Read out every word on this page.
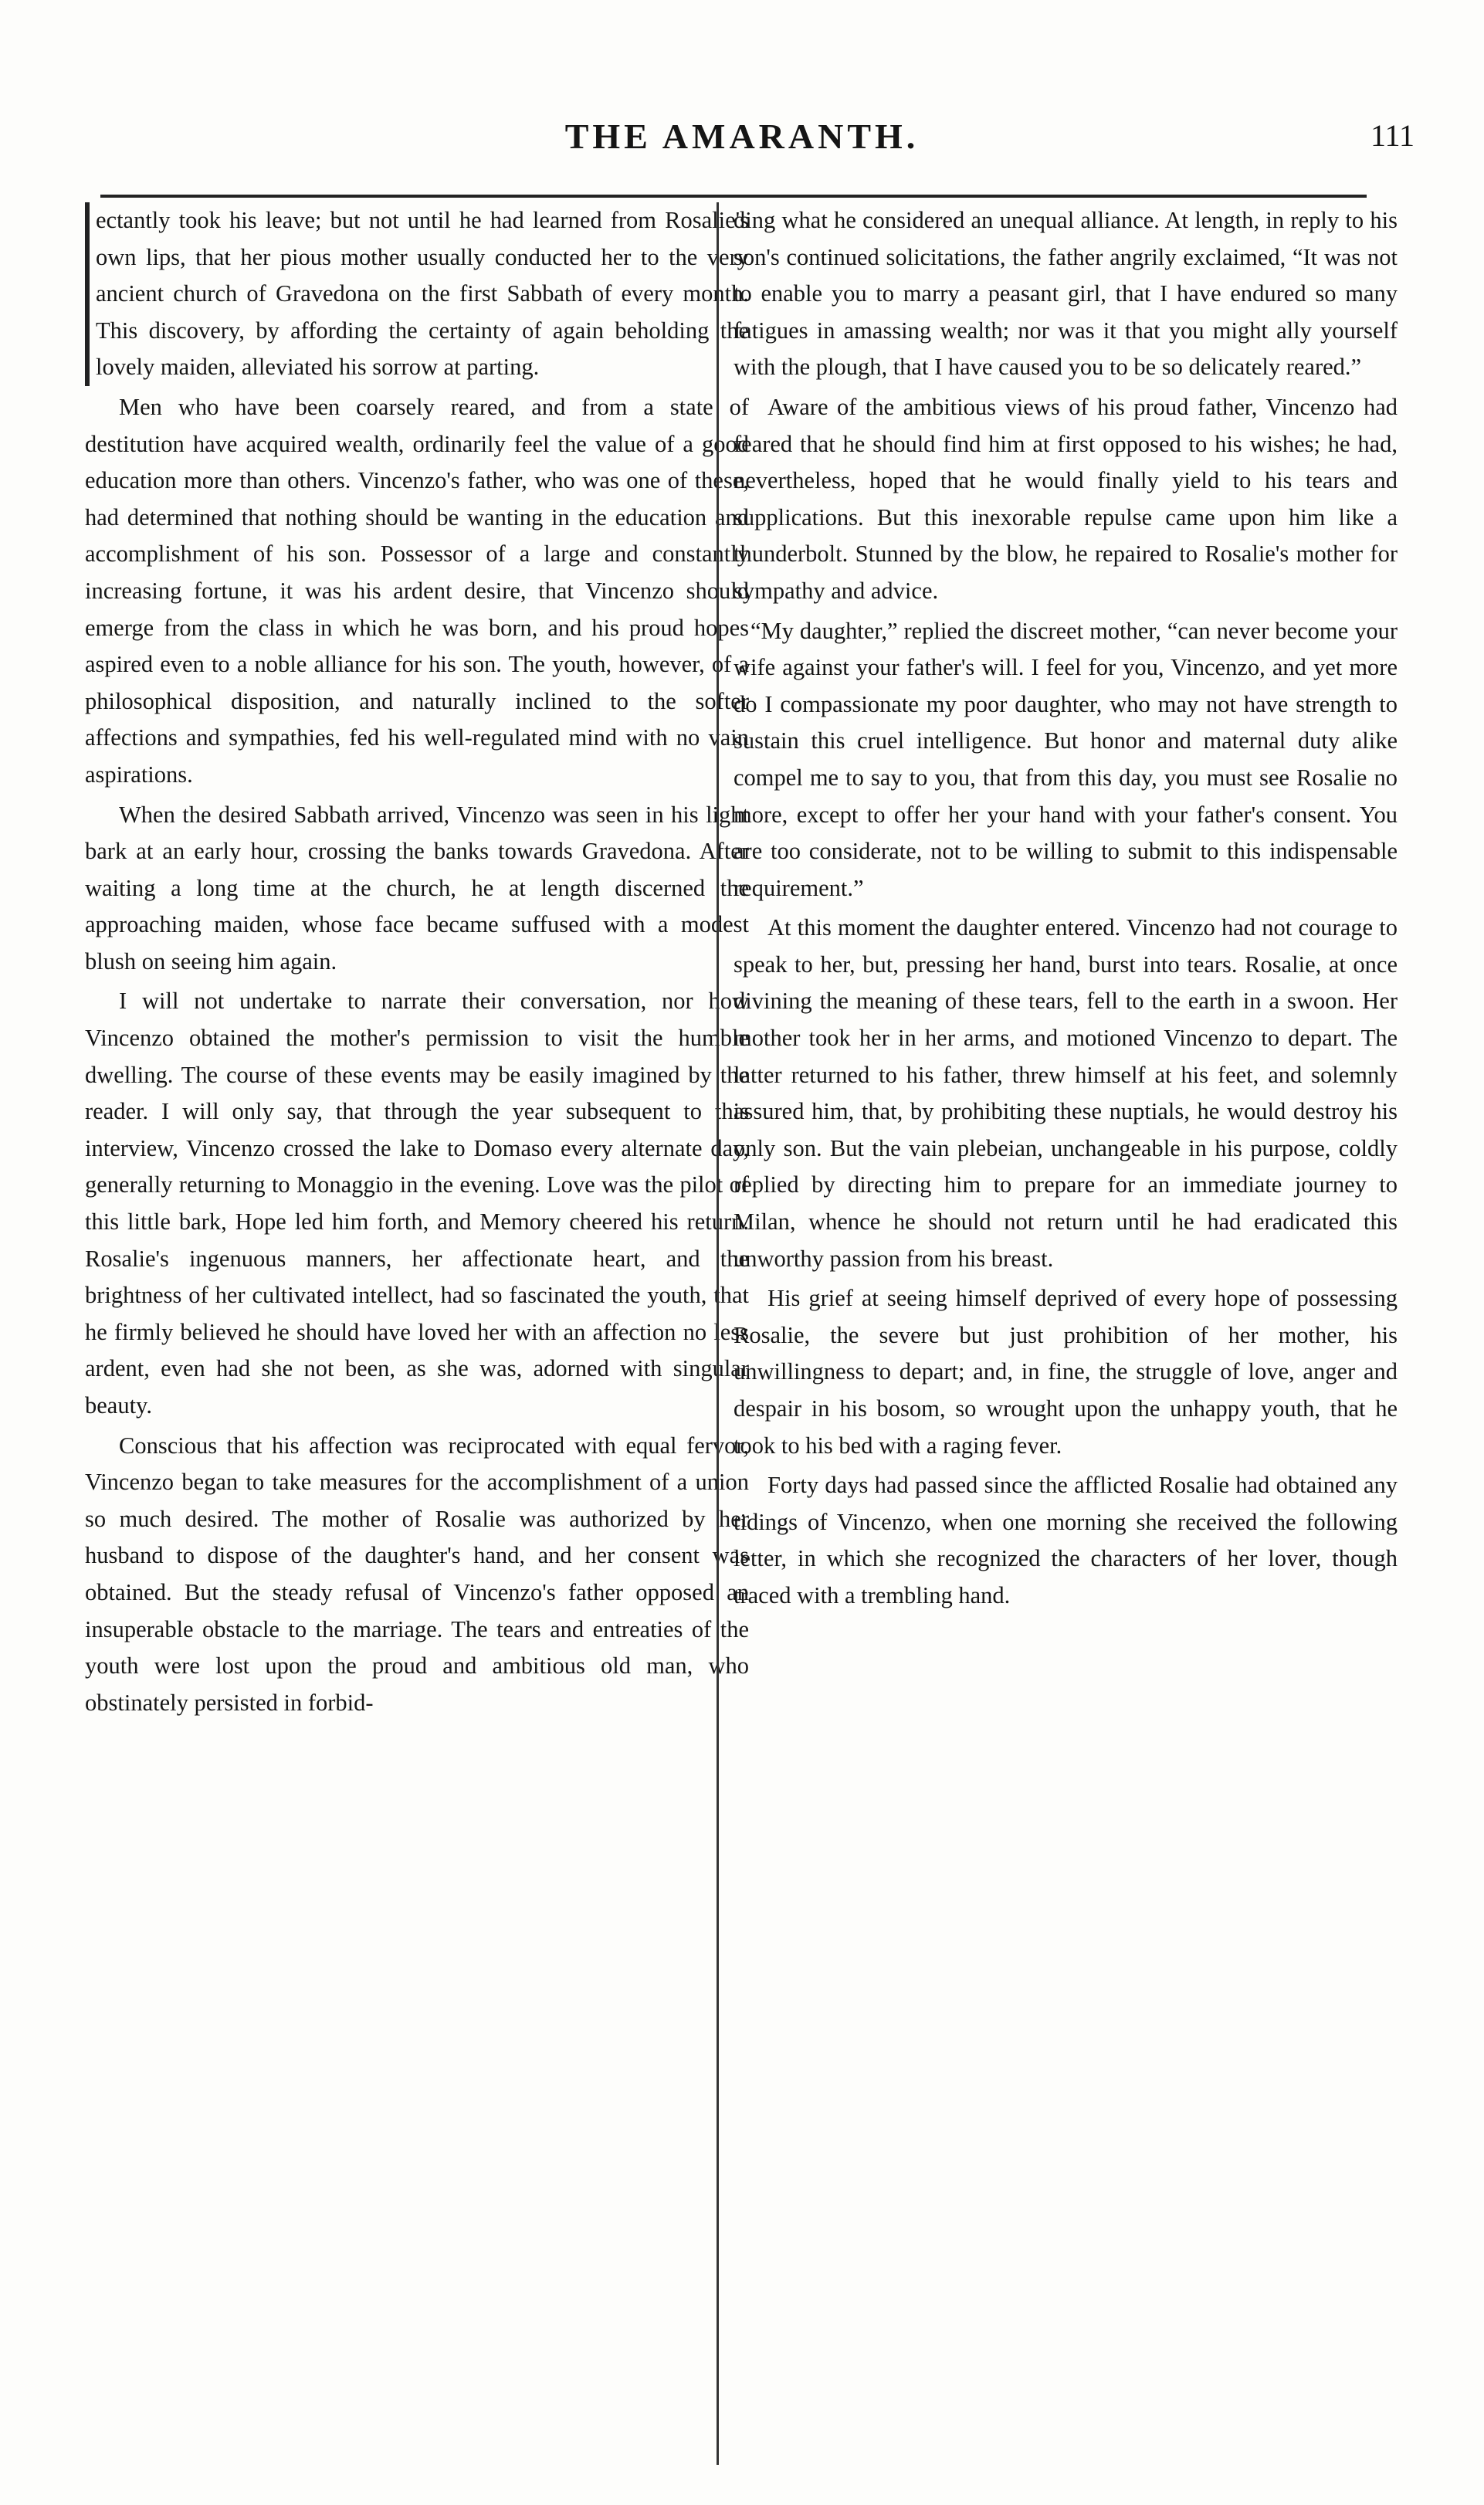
THE AMARANTH.	111

ectantly took his leave; but not until he had learned from Rosalie's own lips, that her pious mother usually conducted her to the very ancient church of Gravedona on the first Sabbath of every month. This discovery, by affording the certainty of again beholding the lovely maiden, alleviated his sorrow at parting.

Men who have been coarsely reared, and from a state of destitution have acquired wealth, ordinarily feel the value of a good education more than others. Vincenzo's father, who was one of these, had determined that nothing should be wanting in the education and accomplishment of his son. Possessor of a large and constantly increasing fortune, it was his ardent desire, that Vincenzo should emerge from the class in which he was born, and his proud hopes aspired even to a noble alliance for his son. The youth, however, of a philosophical disposition, and naturally inclined to the softer affections and sympathies, fed his well-regulated mind with no vain aspirations.

When the desired Sabbath arrived, Vincenzo was seen in his light bark at an early hour, crossing the banks towards Gravedona. After waiting a long time at the church, he at length discerned the approaching maiden, whose face became suffused with a modest blush on seeing him again.

I will not undertake to narrate their conversation, nor how Vincenzo obtained the mother's permission to visit the humble dwelling. The course of these events may be easily imagined by the reader. I will only say, that through the year subsequent to this interview, Vincenzo crossed the lake to Domaso every alternate day, generally returning to Monaggio in the evening. Love was the pilot of this little bark, Hope led him forth, and Memory cheered his return. Rosalie's ingenuous manners, her affectionate heart, and the brightness of her cultivated intellect, had so fascinated the youth, that he firmly believed he should have loved her with an affection no less ardent, even had she not been, as she was, adorned with singular beauty.

Conscious that his affection was reciprocated with equal fervor, Vincenzo began to take measures for the accomplishment of a union so much desired. The mother of Rosalie was authorized by her husband to dispose of the daughter's hand, and her consent was obtained. But the steady refusal of Vincenzo's father opposed an insuperable obstacle to the marriage. The tears and entreaties of the youth were lost upon the proud and ambitious old man, who obstinately persisted in forbid-

ding what he considered an unequal alliance. At length, in reply to his son's continued solicitations, the father angrily exclaimed, “It was not to enable you to marry a peasant girl, that I have endured so many fatigues in amassing wealth; nor was it that you might ally yourself with the plough, that I have caused you to be so delicately reared.”

Aware of the ambitious views of his proud father, Vincenzo had feared that he should find him at first opposed to his wishes; he had, nevertheless, hoped that he would finally yield to his tears and supplications. But this inexorable repulse came upon him like a thunderbolt. Stunned by the blow, he repaired to Rosalie's mother for sympathy and advice.

“My daughter,” replied the discreet mother, “can never become your wife against your father's will. I feel for you, Vincenzo, and yet more do I compassionate my poor daughter, who may not have strength to sustain this cruel intelligence. But honor and maternal duty alike compel me to say to you, that from this day, you must see Rosalie no more, except to offer her your hand with your father's consent. You are too considerate, not to be willing to submit to this indispensable requirement.”

At this moment the daughter entered. Vincenzo had not courage to speak to her, but, pressing her hand, burst into tears. Rosalie, at once divining the meaning of these tears, fell to the earth in a swoon. Her mother took her in her arms, and motioned Vincenzo to depart. The latter returned to his father, threw himself at his feet, and solemnly assured him, that, by prohibiting these nuptials, he would destroy his only son. But the vain plebeian, unchangeable in his purpose, coldly replied by directing him to prepare for an immediate journey to Milan, whence he should not return until he had eradicated this unworthy passion from his breast.

His grief at seeing himself deprived of every hope of possessing Rosalie, the severe but just prohibition of her mother, his unwillingness to depart; and, in fine, the struggle of love, anger and despair in his bosom, so wrought upon the unhappy youth, that he took to his bed with a raging fever.

Forty days had passed since the afflicted Rosalie had obtained any tidings of Vincenzo, when one morning she received the following letter, in which she recognized the characters of her lover, though traced with a trembling hand.
